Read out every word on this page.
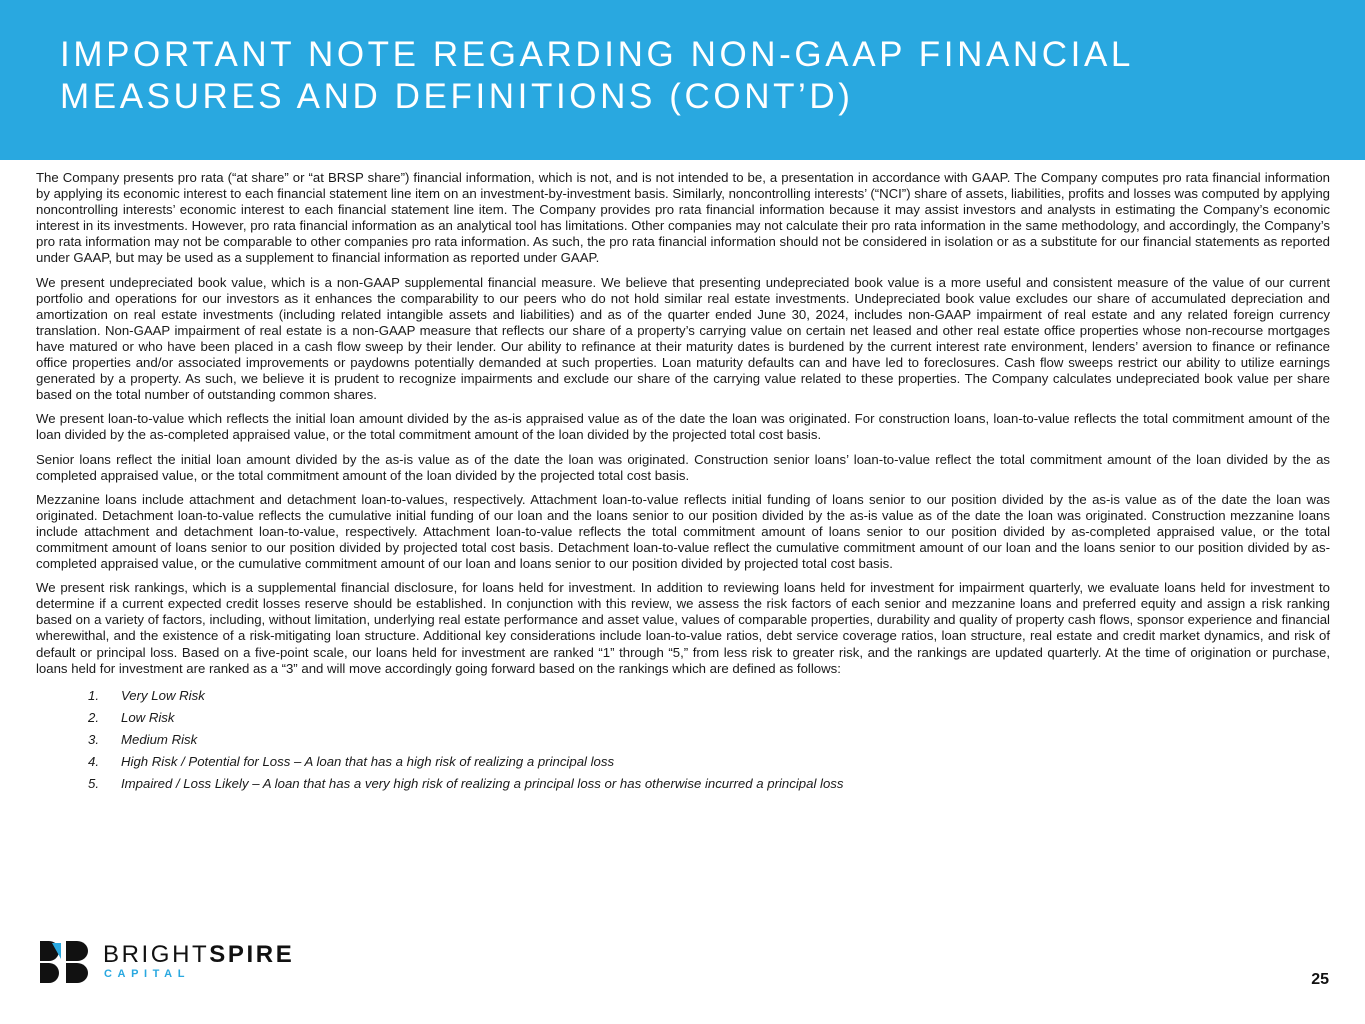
IMPORTANT NOTE REGARDING NON-GAAP FINANCIAL MEASURES AND DEFINITIONS (CONT’D)

The Company presents pro rata (“at share” or “at BRSP share”) financial information, which is not, and is not intended to be, a presentation in accordance with GAAP. The Company computes pro rata financial information by applying its economic interest to each financial statement line item on an investment-by-investment basis. Similarly, noncontrolling interests’ (“NCI”) share of assets, liabilities, profits and losses was computed by applying noncontrolling interests’ economic interest to each financial statement line item. The Company provides pro rata financial information because it may assist investors and analysts in estimating the Company’s economic interest in its investments. However, pro rata financial information as an analytical tool has limitations. Other companies may not calculate their pro rata information in the same methodology, and accordingly, the Company’s pro rata information may not be comparable to other companies pro rata information. As such, the pro rata financial information should not be considered in isolation or as a substitute for our financial statements as reported under GAAP, but may be used as a supplement to financial information as reported under GAAP.

We present undepreciated book value, which is a non-GAAP supplemental financial measure. We believe that presenting undepreciated book value is a more useful and consistent measure of the value of our current portfolio and operations for our investors as it enhances the comparability to our peers who do not hold similar real estate investments. Undepreciated book value excludes our share of accumulated depreciation and amortization on real estate investments (including related intangible assets and liabilities) and as of the quarter ended June 30, 2024, includes non-GAAP impairment of real estate and any related foreign currency translation. Non-GAAP impairment of real estate is a non-GAAP measure that reflects our share of a property’s carrying value on certain net leased and other real estate office properties whose non-recourse mortgages have matured or who have been placed in a cash flow sweep by their lender. Our ability to refinance at their maturity dates is burdened by the current interest rate environment, lenders’ aversion to finance or refinance office properties and/or associated improvements or paydowns potentially demanded at such properties. Loan maturity defaults can and have led to foreclosures. Cash flow sweeps restrict our ability to utilize earnings generated by a property. As such, we believe it is prudent to recognize impairments and exclude our share of the carrying value related to these properties. The Company calculates undepreciated book value per share based on the total number of outstanding common shares.

We present loan-to-value which reflects the initial loan amount divided by the as-is appraised value as of the date the loan was originated. For construction loans, loan-to-value reflects the total commitment amount of the loan divided by the as-completed appraised value, or the total commitment amount of the loan divided by the projected total cost basis.

Senior loans reflect the initial loan amount divided by the as-is value as of the date the loan was originated. Construction senior loans’ loan-to-value reflect the total commitment amount of the loan divided by the as completed appraised value, or the total commitment amount of the loan divided by the projected total cost basis.

Mezzanine loans include attachment and detachment loan-to-values, respectively. Attachment loan-to-value reflects initial funding of loans senior to our position divided by the as-is value as of the date the loan was originated. Detachment loan-to-value reflects the cumulative initial funding of our loan and the loans senior to our position divided by the as-is value as of the date the loan was originated. Construction mezzanine loans include attachment and detachment loan-to-value, respectively. Attachment loan-to-value reflects the total commitment amount of loans senior to our position divided by as-completed appraised value, or the total commitment amount of loans senior to our position divided by projected total cost basis. Detachment loan-to-value reflect the cumulative commitment amount of our loan and the loans senior to our position divided by as-completed appraised value, or the cumulative commitment amount of our loan and loans senior to our position divided by projected total cost basis.

We present risk rankings, which is a supplemental financial disclosure, for loans held for investment. In addition to reviewing loans held for investment for impairment quarterly, we evaluate loans held for investment to determine if a current expected credit losses reserve should be established. In conjunction with this review, we assess the risk factors of each senior and mezzanine loans and preferred equity and assign a risk ranking based on a variety of factors, including, without limitation, underlying real estate performance and asset value, values of comparable properties, durability and quality of property cash flows, sponsor experience and financial wherewithal, and the existence of a risk-mitigating loan structure. Additional key considerations include loan-to-value ratios, debt service coverage ratios, loan structure, real estate and credit market dynamics, and risk of default or principal loss. Based on a five-point scale, our loans held for investment are ranked “1” through “5,” from less risk to greater risk, and the rankings are updated quarterly. At the time of origination or purchase, loans held for investment are ranked as a “3” and will move accordingly going forward based on the rankings which are defined as follows:

1.	Very Low Risk
2.	Low Risk
3.	Medium Risk
4.	High Risk / Potential for Loss – A loan that has a high risk of realizing a principal loss
5.	Impaired / Loss Likely – A loan that has a very high risk of realizing a principal loss or has otherwise incurred a principal loss
BRIGHTSPIRE
CAPITAL	25
